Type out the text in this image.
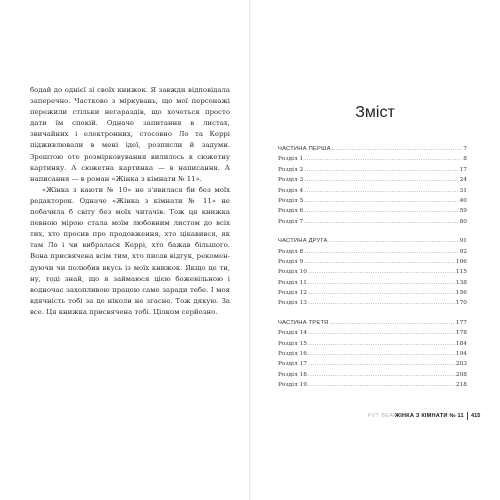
бодай до однієї зі своїх книжок. Я завжди відповідала заперечно. Частково з міркувань, що мої персонажі пережили стільки негараздів, що хочеться просто дати їм спокій. Одначе запитання в листах, звичайних і електронних, стосовно Ло та Керрі підживлювали в мені ідеї, розписли й задуми. Зрештою оте розмірковування вилилось в сюжетну картинку. А сюжетна картинка — в написання. А написання — в роман «Жінка з кімнати № 11».

«Жінка з каюти № 10» не з'явилася би без моїх редакторок. Одначе «Жінка з кімнати № 11» не побачила б світу без моїх читачів. Тож ця книжка певною мірою стала моїм любовним листом до всіх тих, хто просив про продовження, хто цікавився, як там Ло і чи вибралася Керрі, хто бажав більшого. Вона присвячена всім тим, хто писав відгук, рекомендуючи чи полюбив вкусь із моїх книжок. Якщо це ти, ну, тоді знай, що я займаюся цією божевільною і водночас захопливою працею саме заради тебе. І моя вдячність тобі за це ніколи не згасне. Тож дякую. За все. Ця книжка присвячена тобі. Цілком серйозно.

Зміст
ЧАСТИНА ПЕРША .....	7
Розділ 1 .....	8
Розділ 2 .....	17
Розділ 3 .....	24
Розділ 4 .....	31
Розділ 5 .....	40
Розділ 6 .....	59
Розділ 7 .....	80
ЧАСТИНА ДРУГА .....	91
Розділ 8 .....	92
Розділ 9 .....	106
Розділ 10 .....	115
Розділ 11 .....	138
Розділ 12 .....	156
Розділ 13 .....	170
ЧАСТИНА ТРЕТЯ .....	177
Розділ 14 .....	178
Розділ 15 .....	184
Розділ 16 .....	194
Розділ 17 .....	203
Розділ 18 .....	208
Розділ 19 .....	218
РУТ ВЕАР
ЖІНКА З КІМНАТИ № 11 415
